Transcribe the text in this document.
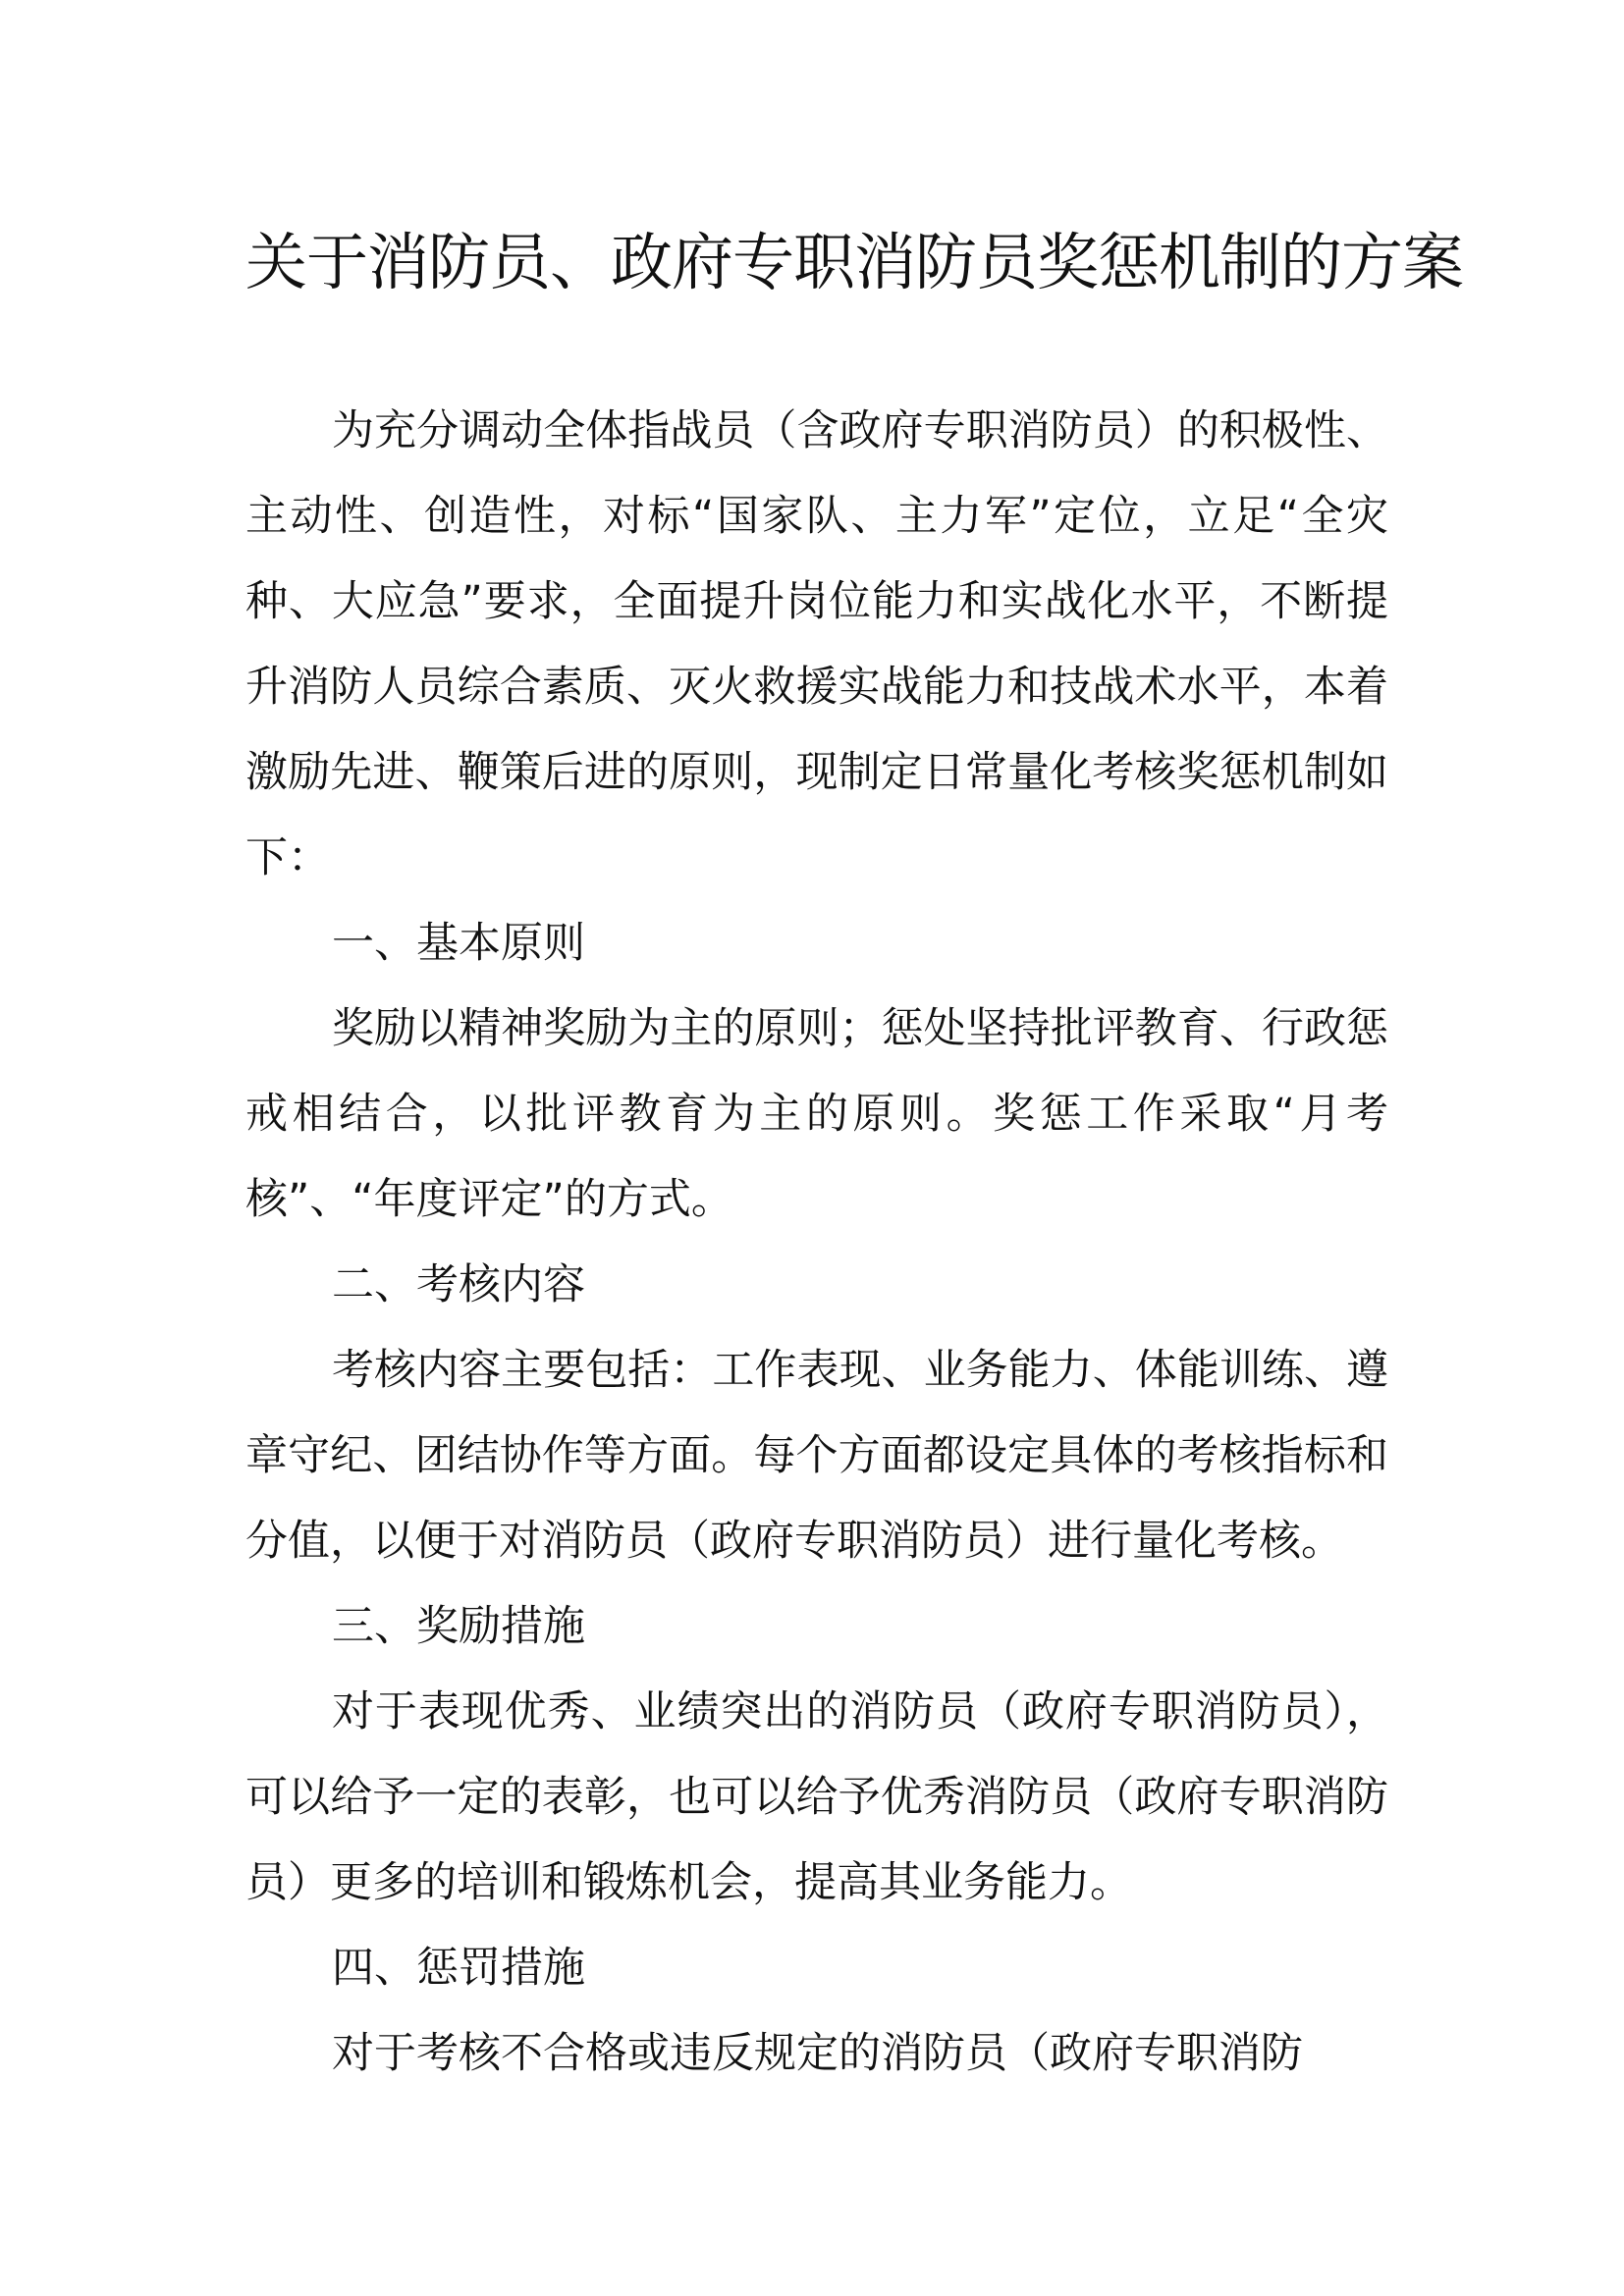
关于消防员、政府专职消防员奖惩机制的方案

为充分调动全体指战员（含政府专职消防员）的积极性、主动性、创造性，对标“国家队、主力军”定位，立足“全灾种、大应急”要求，全面提升岗位能力和实战化水平，不断提升消防人员综合素质、灭火救援实战能力和技战术水平，本着激励先进、鞭策后进的原则，现制定日常量化考核奖惩机制如下：

一、基本原则

奖励以精神奖励为主的原则；惩处坚持批评教育、行政惩戒相结合，以批评教育为主的原则。奖惩工作采取“月考核”、“年度评定”的方式。

二、考核内容

考核内容主要包括：工作表现、业务能力、体能训练、遵章守纪、团结协作等方面。每个方面都设定具体的考核指标和分值，以便于对消防员（政府专职消防员）进行量化考核。

三、奖励措施

对于表现优秀、业绩突出的消防员（政府专职消防员），可以给予一定的表彰，也可以给予优秀消防员（政府专职消防员）更多的培训和锻炼机会，提高其业务能力。

四、惩罚措施

对于考核不合格或违反规定的消防员（政府专职消防
